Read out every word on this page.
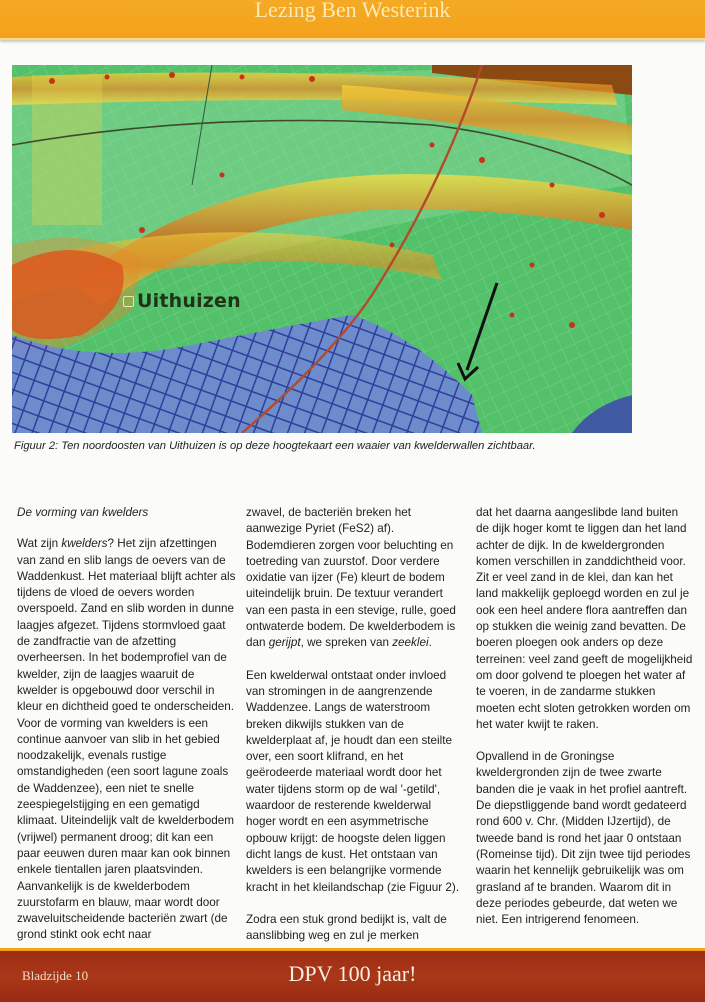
Lezing Ben Westerink
Uithuizen
Figuur 2: Ten noordoosten van Uithuizen is op deze hoogtekaart een waaier van kwelderwallen zichtbaar.

De vorming van kwelders

Wat zijn kwelders? Het zijn afzettingen van zand en slib langs de oevers van de Waddenkust. Het materiaal blijft achter als tijdens de vloed de oevers worden overspoeld. Zand en slib worden in dunne laagjes afgezet. Tijdens stormvloed gaat de zandfractie van de afzetting overheersen. In het bodemprofiel van de kwelder, zijn de laagjes waaruit de kwelder is opgebouwd door verschil in kleur en dichtheid goed te onderscheiden. Voor de vorming van kwelders is een continue aanvoer van slib in het gebied noodzakelijk, evenals rustige omstandigheden (een soort lagune zoals de Waddenzee), een niet te snelle zeespiegelstijging en een gematigd klimaat. Uiteindelijk valt de kwelderbodem (vrijwel) permanent droog; dit kan een paar eeuwen duren maar kan ook binnen enkele tientallen jaren plaatsvinden. Aanvankelijk is de kwelderbodem zuurstofarm en blauw, maar wordt door zwaveluitscheidende bacteriën zwart (de grond stinkt ook echt naar

zwavel, de bacteriën breken het aanwezige Pyriet (FeS2) af). Bodemdieren zorgen voor beluchting en toetreding van zuurstof. Door verdere oxidatie van ijzer (Fe) kleurt de bodem uiteindelijk bruin. De textuur verandert van een pasta in een stevige, rulle, goed ontwaterde bodem. De kwelderbodem is dan gerijpt, we spreken van zeeklei.

Een kwelderwal ontstaat onder invloed van stromingen in de aangrenzende Waddenzee. Langs de waterstroom breken dikwijls stukken van de kwelderplaat af, je houdt dan een steilte over, een soort klifrand, en het geërodeerde materiaal wordt door het water tijdens storm op de wal '-getild', waardoor de resterende kwelderwal hoger wordt en een asymmetrische opbouw krijgt: de hoogste delen liggen dicht langs de kust. Het ontstaan van kwelders is een belangrijke vormende kracht in het kleilandschap (zie Figuur 2).

Zodra een stuk grond bedijkt is, valt de aanslibbing weg en zul je merken

dat het daarna aangeslibde land buiten de dijk hoger komt te liggen dan het land achter de dijk. In de kweldergronden komen verschillen in zanddichtheid voor. Zit er veel zand in de klei, dan kan het land makkelijk geploegd worden en zul je ook een heel andere flora aantreffen dan op stukken die weinig zand bevatten. De boeren ploegen ook anders op deze terreinen: veel zand geeft de mogelijkheid om door golvend te ploegen het water af te voeren, in de zandarme stukken moeten echt sloten getrokken worden om het water kwijt te raken.

Opvallend in de Groningse kweldergronden zijn de twee zwarte banden die je vaak in het profiel aantreft. De diepstliggende band wordt gedateerd rond 600 v. Chr. (Midden IJzertijd), de tweede band is rond het jaar 0 ontstaan (Romeinse tijd). Dit zijn twee tijd periodes waarin het kennelijk gebruikelijk was om grasland af te branden. Waarom dit in deze periodes gebeurde, dat weten we niet. Een intrigerend fenomeen.

Bladzijde 10	DPV 100 jaar!
